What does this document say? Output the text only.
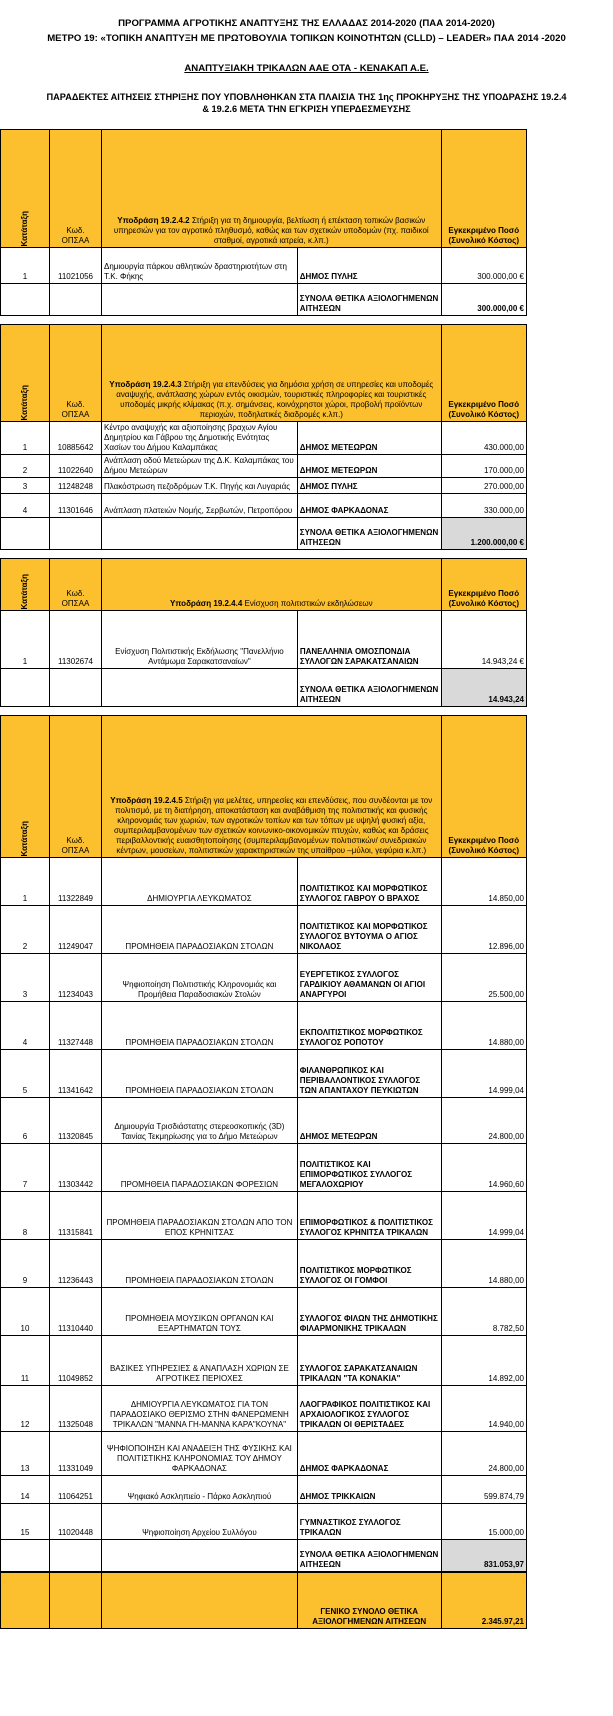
ΠΡΟΓΡΑΜΜΑ ΑΓΡΟΤΙΚΗΣ ΑΝΑΠΤΥΞΗΣ ΤΗΣ ΕΛΛΑΔΑΣ 2014-2020 (ΠΑΑ 2014-2020)
ΜΕΤΡΟ 19: «ΤΟΠΙΚΗ ΑΝΑΠΤΥΞΗ ΜΕ ΠΡΩΤΟΒΟΥΛΙΑ ΤΟΠΙΚΩΝ ΚΟΙΝΟΤΗΤΩΝ (CLLD) – LEADER» ΠΑΑ 2014 -2020
ΑΝΑΠΤΥΞΙΑΚΗ ΤΡΙΚΑΛΩΝ ΑΑΕ ΟΤΑ - ΚΕΝΑΚΑΠ Α.Ε.
ΠΑΡΑΔΕΚΤΕΣ ΑΙΤΗΣΕΙΣ ΣΤΗΡΙΞΗΣ ΠΟΥ ΥΠΟΒΛΗΘΗΚΑΝ ΣΤΑ ΠΛΑΙΣΙΑ ΤΗΣ 1ης ΠΡΟΚΗΡΥΞΗΣ ΤΗΣ ΥΠΟΔΡΑΣΗΣ 19.2.4
& 19.2.6 ΜΕΤΑ ΤΗΝ ΕΓΚΡΙΣΗ ΥΠΕΡΔΕΣΜΕΥΣΗΣ
Κατάταξη	Κωδ. ΟΠΣΑΑ	Υποδράση 19.2.4.2 Στήριξη για τη δημιουργία, βελτίωση ή επέκταση τοπικών βασικών υπηρεσιών για τον αγροτικό πληθυσμό, καθώς και των σχετικών υποδομών (πχ. παιδικοί σταθμοί, αγροτικά ιατρεία, κ.λπ.)		Εγκεκριμένο Ποσό (Συνολικό Κόστος)
1	11021056	Δημιουργία πάρκου αθλητικών δραστηριοτήτων στη Τ.Κ. Φήκης	ΔΗΜΟΣ ΠΥΛΗΣ	300.000,00 €
			ΣΥΝΟΛΑ ΘΕΤΙΚΑ ΑΞΙΟΛΟΓΗΜΕΝΩΝ ΑΙΤΗΣΕΩΝ	300.000,00 €
Κατάταξη	Κωδ. ΟΠΣΑΑ	Υποδράση 19.2.4.3 Στήριξη για επενδύσεις για δημόσια χρήση σε υπηρεσίες και υποδομές αναψυχής, ανάπλασης χώρων εντός οικισμών, τουριστικές πληροφορίες και τουριστικές υποδομές μικρής κλίμακας (π.χ. σημάνσεις, κοινόχρηστοι χώροι, προβολή προϊόντων περιοχών, ποδηλατικές διαδρομές κ.λπ.)		Εγκεκριμένο Ποσό (Συνολικό Κόστος)
1	10885642	Κέντρο αναψυχής και αξιοποίησης βραχων Αγίου Δημητρίου και Γάβρου της Δημοτικής Ενότητας Χασίων του Δήμου Καλαμπάκας	ΔΗΜΟΣ ΜΕΤΕΩΡΩΝ	430.000,00
2	11022640	Ανάπλαση οδού Μετεώρων της Δ.Κ. Καλαμπάκας του Δήμου Μετεώρων	ΔΗΜΟΣ ΜΕΤΕΩΡΩΝ	170.000,00
3	11248248	Πλακόστρωση πεζοδρόμων Τ.Κ. Πηγής και Λυγαριάς	ΔΗΜΟΣ ΠΥΛΗΣ	270.000,00
4	11301646	Ανάπλαση πλατειών Νομής, Σερβωτών, Πετροπόρου	ΔΗΜΟΣ ΦΑΡΚΑΔΟΝΑΣ	330.000,00
			ΣΥΝΟΛΑ ΘΕΤΙΚΑ ΑΞΙΟΛΟΓΗΜΕΝΩΝ ΑΙΤΗΣΕΩΝ	1.200.000,00 €
Κατάταξη	Κωδ. ΟΠΣΑΑ	Υποδράση 19.2.4.4 Ενίσχυση πολιτιστικών εκδηλώσεων		Εγκεκριμένο Ποσό (Συνολικό Κόστος)
1	11302674	Ενίσχυση Πολιτιστικής Εκδήλωσης "Πανελλήνιο Αντάμωμα Σαρακατσαναίων"	ΠΑΝΕΛΛΗΝΙΑ ΟΜΟΣΠΟΝΔΙΑ ΣΥΛΛΟΓΩΝ ΣΑΡΑΚΑΤΣΑΝΑΙΩΝ	14.943,24 €
			ΣΥΝΟΛΑ ΘΕΤΙΚΑ ΑΞΙΟΛΟΓΗΜΕΝΩΝ ΑΙΤΗΣΕΩΝ	14.943,24
Κατάταξη	Κωδ. ΟΠΣΑΑ	Υποδράση 19.2.4.5 Στήριξη για μελέτες, υπηρεσίες και επενδύσεις, που συνδέονται με τον πολιτισμό, με τη διατήρηση, αποκατάσταση και αναβάθμιση της πολιτιστικής και φυσικής κληρονομιάς των χωριών, των αγροτικών τοπίων και των τόπων με υψηλή φυσική αξία, συμπεριλαμβανομένων των σχετικών κοινωνικο-οικονομικών πτυχών, καθώς και δράσεις περιβαλλοντικής ευαισθητοποίησης (συμπεριλαμβανομένων πολιτιστικών/ συνεδριακών κέντρων, μουσείων, πολιτιστικών χαρακτηριστικών της υπαίθρου –μύλοι, γεφύρια κ.λπ.)		Εγκεκριμένο Ποσό (Συνολικό Κόστος)
1	11322849	ΔΗΜΙΟΥΡΓΙΑ ΛΕΥΚΩΜΑΤΟΣ	ΠΟΛΙΤΙΣΤΙΚΟΣ ΚΑΙ ΜΟΡΦΩΤΙΚΟΣ ΣΥΛΛΟΓΟΣ ΓΑΒΡΟΥ Ο ΒΡΑΧΟΣ	14.850,00
2	11249047	ΠΡΟΜΗΘΕΙΑ ΠΑΡΑΔΟΣΙΑΚΩΝ ΣΤΟΛΩΝ	ΠΟΛΙΤΙΣΤΙΚΟΣ ΚΑΙ ΜΟΡΦΩΤΙΚΟΣ ΣΥΛΛΟΓΟΣ ΒΥΤΟΥΜΑ Ο ΑΓΙΟΣ ΝΙΚΟΛΑΟΣ	12.896,00
3	11234043	Ψηφιοποίηση Πολιτιστικής Κληρονομιάς και Προμήθεια Παραδοσιακών Στολών	ΕΥΕΡΓΕΤΙΚΟΣ ΣΥΛΛΟΓΟΣ ΓΑΡΔΙΚΙΟΥ ΑΘΑΜΑΝΩΝ ΟΙ ΑΓΙΟΙ ΑΝΑΡΓΥΡΟΙ	25.500,00
4	11327448	ΠΡΟΜΗΘΕΙΑ ΠΑΡΑΔΟΣΙΑΚΩΝ ΣΤΟΛΩΝ	ΕΚΠΟΛΙΤΙΣΤΙΚΟΣ ΜΟΡΦΩΤΙΚΟΣ ΣΥΛΛΟΓΟΣ ΡΟΠΟΤΟΥ	14.880,00
5	11341642	ΠΡΟΜΗΘΕΙΑ ΠΑΡΑΔΟΣΙΑΚΩΝ ΣΤΟΛΩΝ	ΦΙΛΑΝΘΡΩΠΙΚΟΣ ΚΑΙ ΠΕΡΙΒΑΛΛΟΝΤΙΚΟΣ ΣΥΛΛΟΓΟΣ ΤΩΝ ΑΠΑΝΤΑΧΟΥ ΠΕΥΚΙΩΤΩΝ	14.999,04
6	11320845	Δημιουργία Τρισδιάστατης στερεοσκοπικής (3D) Ταινίας Τεκμηρίωσης για το Δήμο Μετεώρων	ΔΗΜΟΣ ΜΕΤΕΩΡΩΝ	24.800,00
7	11303442	ΠΡΟΜΗΘΕΙΑ ΠΑΡΑΔΟΣΙΑΚΩΝ ΦΟΡΕΣΙΩΝ	ΠΟΛΙΤΙΣΤΙΚΟΣ ΚΑΙ ΕΠΙΜΟΡΦΩΤΙΚΟΣ ΣΥΛΛΟΓΟΣ ΜΕΓΑΛΟΧΩΡΙΟΥ	14.960,60
8	11315841	ΠΡΟΜΗΘΕΙΑ ΠΑΡΑΔΟΣΙΑΚΩΝ ΣΤΟΛΩΝ ΑΠΟ ΤΟΝ ΕΠΟΣ ΚΡΗΝΙΤΣΑΣ	ΕΠΙΜΟΡΦΩΤΙΚΟΣ & ΠΟΛΙΤΙΣΤΙΚΟΣ ΣΥΛΛΟΓΟΣ ΚΡΗΝΙΤΣΑ ΤΡΙΚΑΛΩΝ	14.999,04
9	11236443	ΠΡΟΜΗΘΕΙΑ ΠΑΡΑΔΟΣΙΑΚΩΝ ΣΤΟΛΩΝ	ΠΟΛΙΤΙΣΤΙΚΟΣ ΜΟΡΦΩΤΙΚΟΣ ΣΥΛΛΟΓΟΣ ΟΙ ΓΟΜΦΟΙ	14.880,00
10	11310440	ΠΡΟΜΗΘΕΙΑ ΜΟΥΣΙΚΩΝ ΟΡΓΑΝΩΝ ΚΑΙ ΕΞΑΡΤΗΜΑΤΩΝ ΤΟΥΣ	ΣΥΛΛΟΓΟΣ ΦΙΛΩΝ ΤΗΣ ΔΗΜΟΤΙΚΗΣ ΦΙΛΑΡΜΟΝΙΚΗΣ ΤΡΙΚΑΛΩΝ	8.782,50
11	11049852	ΒΑΣΙΚΕΣ ΥΠΗΡΕΣΙΕΣ & ΑΝΑΠΛΑΣΗ ΧΩΡΙΩΝ ΣΕ ΑΓΡΟΤΙΚΕΣ ΠΕΡΙΟΧΕΣ	ΣΥΛΛΟΓΟΣ ΣΑΡΑΚΑΤΣΑΝΑΙΩΝ ΤΡΙΚΑΛΩΝ "ΤΑ ΚΟΝΑΚΙΑ"	14.892,00
12	11325048	ΔΗΜΙΟΥΡΓΙΑ ΛΕΥΚΩΜΑΤΟΣ ΓΙΑ ΤΟΝ ΠΑΡΑΔΟΣΙΑΚΟ ΘΕΡΙΣΜΟ ΣΤΗΝ ΦΑΝΕΡΩΜΕΝΗ ΤΡΙΚΑΛΩΝ "ΜΑΝΝΑ ΓΗ-ΜΑΝΝΑ ΚΑΡΑ"ΚΟΥΝΑ"	ΛΑΟΓΡΑΦΙΚΟΣ ΠΟΛΙΤΙΣΤΙΚΟΣ ΚΑΙ ΑΡΧΑΙΟΛΟΓΙΚΟΣ ΣΥΛΛΟΓΟΣ ΤΡΙΚΑΛΩΝ ΟΙ ΘΕΡΙΣΤΑΔΕΣ	14.940,00
13	11331049	ΨΗΦΙΟΠΟΙΗΣΗ ΚΑΙ ΑΝΑΔΕΙΞΗ ΤΗΣ ΦΥΣΙΚΗΣ ΚΑΙ ΠΟΛΙΤΙΣΤΙΚΗΣ ΚΛΗΡΟΝΟΜΙΑΣ ΤΟΥ ΔΗΜΟΥ ΦΑΡΚΑΔΟΝΑΣ	ΔΗΜΟΣ ΦΑΡΚΑΔΟΝΑΣ	24.800,00
14	11064251	Ψηφιακό Ασκληπιείο - Πάρκο Ασκληπιού	ΔΗΜΟΣ ΤΡΙΚΚΑΙΩΝ	599.874,79
15	11020448	Ψηφιοποίηση Αρχείου Συλλόγου	ΓΥΜΝΑΣΤΙΚΟΣ ΣΥΛΛΟΓΟΣ ΤΡΙΚΑΛΩΝ	15.000,00
			ΣΥΝΟΛΑ ΘΕΤΙΚΑ ΑΞΙΟΛΟΓΗΜΕΝΩΝ ΑΙΤΗΣΕΩΝ	831.053,97
			ΓΕΝΙΚΟ ΣΥΝΟΛΟ ΘΕΤΙΚΑ ΑΞΙΟΛΟΓΗΜΕΝΩΝ ΑΙΤΗΣΕΩΝ	2.345.97,21
